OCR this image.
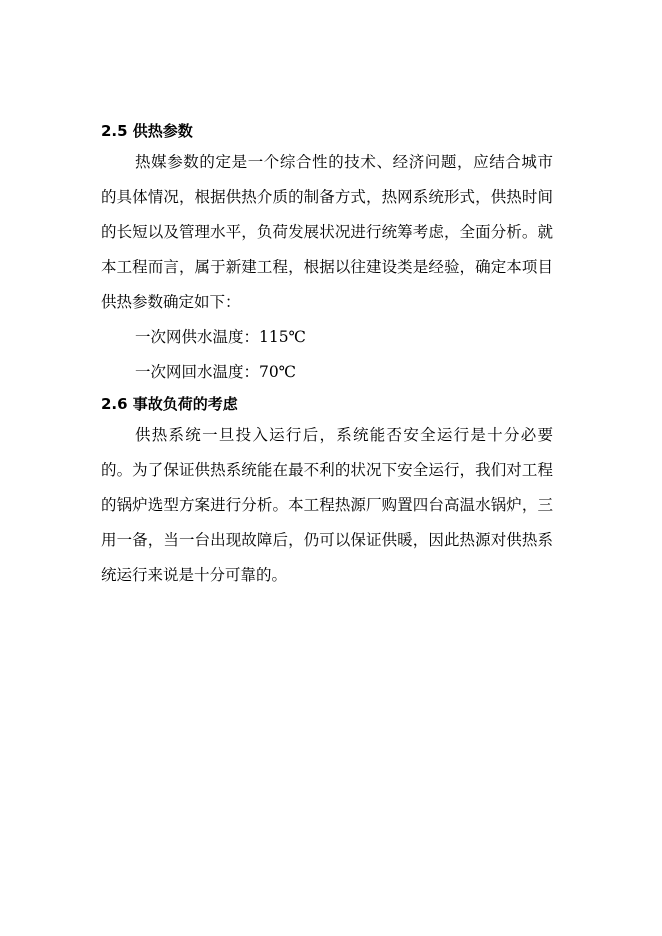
2.5 供热参数

热媒参数的定是一个综合性的技术、经济问题，应结合城市的具体情况，根据供热介质的制备方式，热网系统形式，供热时间的长短以及管理水平，负荷发展状况进行统筹考虑，全面分析。就本工程而言，属于新建工程，根据以往建设类是经验，确定本项目供热参数确定如下：

一次网供水温度：115℃

一次网回水温度：70℃

2.6 事故负荷的考虑

供热系统一旦投入运行后，系统能否安全运行是十分必要的。为了保证供热系统能在最不利的状况下安全运行，我们对工程的锅炉选型方案进行分析。本工程热源厂购置四台高温水锅炉，三用一备，当一台出现故障后，仍可以保证供暖，因此热源对供热系统运行来说是十分可靠的。
